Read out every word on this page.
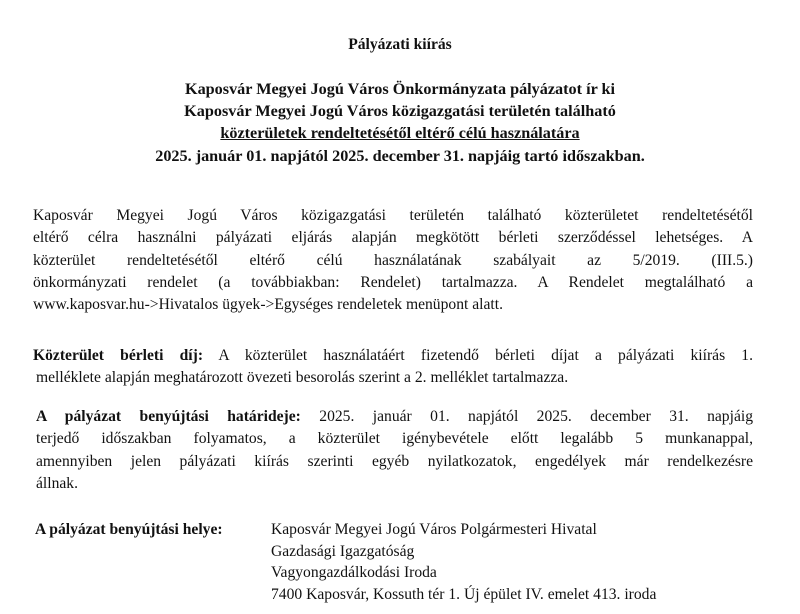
Pályázati kiírás
Kaposvár Megyei Jogú Város Önkormányzata pályázatot ír ki
Kaposvár Megyei Jogú Város közigazgatási területén található
közterületek rendeltetésétől eltérő célú használatára
2025. január 01. napjától 2025. december 31. napjáig tartó időszakban.
Kaposvár Megyei Jogú Város közigazgatási területén található közterületet rendeltetésétől
eltérő célra használni pályázati eljárás alapján megkötött bérleti szerződéssel lehetséges. A
közterület rendeltetésétől eltérő célú használatának szabályait az 5/2019. (III.5.)
önkormányzati rendelet (a továbbiakban: Rendelet) tartalmazza. A Rendelet megtalálható a
www.kaposvar.hu->Hivatalos ügyek->Egységes rendeletek menüpont alatt.
Közterület bérleti díj: A közterület használatáért fizetendő bérleti díjat a pályázati kiírás 1.
melléklete alapján meghatározott övezeti besorolás szerint a 2. melléklet tartalmazza.
A pályázat benyújtási határideje: 2025. január 01. napjától 2025. december 31. napjáig
terjedő időszakban folyamatos, a közterület igénybevétele előtt legalább 5 munkanappal,
amennyiben jelen pályázati kiírás szerinti egyéb nyilatkozatok, engedélyek már rendelkezésre
állnak.
A pályázat benyújtási helye:	Kaposvár Megyei Jogú Város Polgármesteri Hivatal
Gazdasági Igazgatóság
Vagyongazdálkodási Iroda
7400 Kaposvár, Kossuth tér 1. Új épület IV. emelet 413. iroda
